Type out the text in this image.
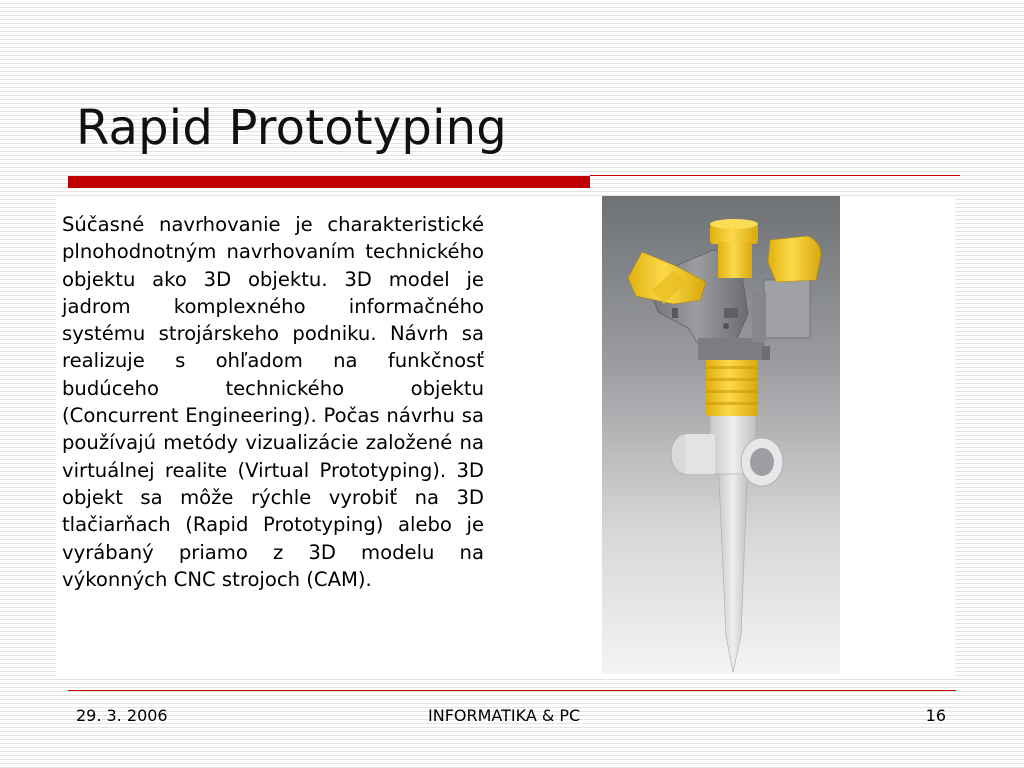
Rapid Prototyping

Súčasné navrhovanie je charakteristické plnohodnotným navrhovaním technického objektu ako 3D objektu. 3D model je jadrom komplexného informačného systému strojárskeho podniku. Návrh sa realizuje s ohľadom na funkčnosť budúceho technického objektu (Concurrent Engineering). Počas návrhu sa používajú metódy vizualizácie založené na virtuálnej realite (Virtual Prototyping). 3D objekt sa môže rýchle vyrobiť na 3D tlačiarňach (Rapid Prototyping) alebo je vyrábaný priamo z 3D modelu na výkonných CNC strojoch (CAM).

29. 3. 2006	INFORMATIKA & PC	16
